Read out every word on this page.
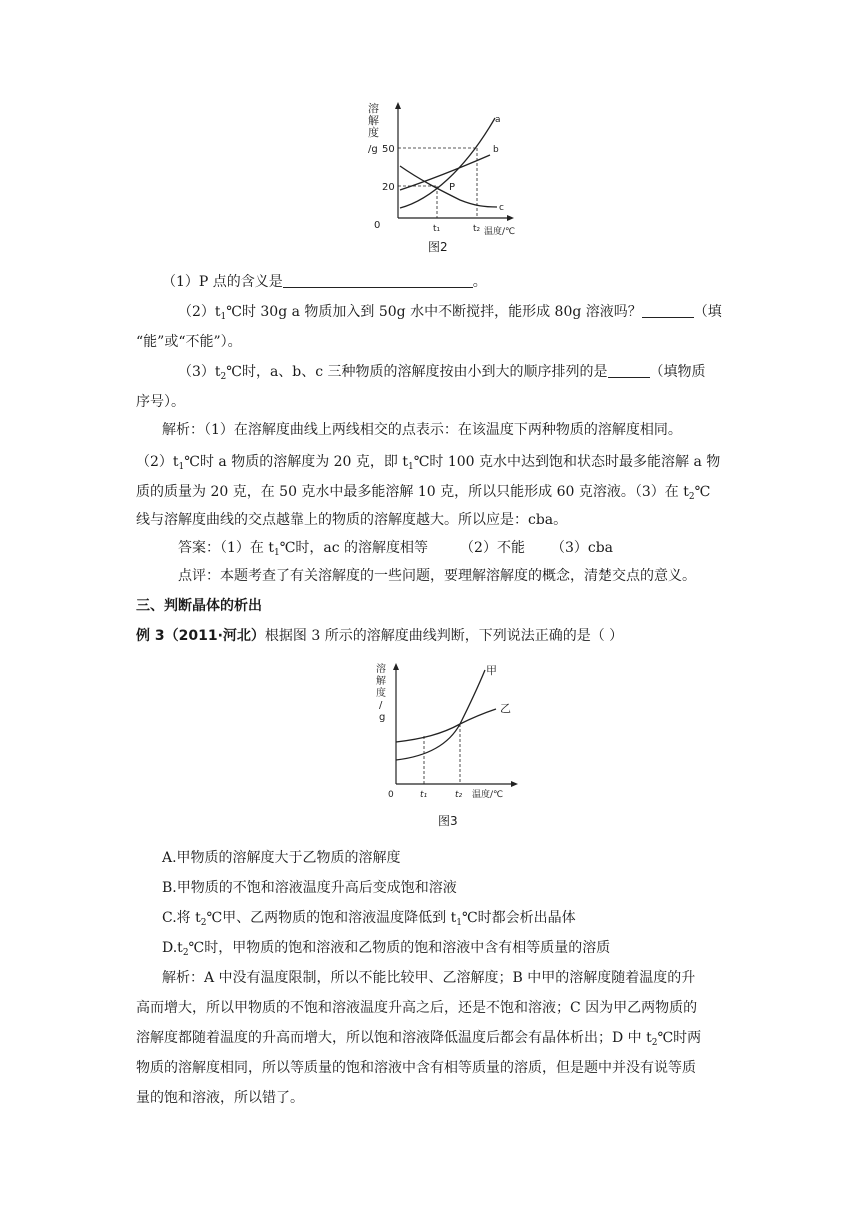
溶
解
度
/g 50
20
0
a
b
c
P
t₁	t₂ 温度/℃
图2
（1）P 点的含义是	。
$(2)t_1℃$时 30g a 物质加入到 50g 水中不断搅拌，能形成 80g 溶液吗？	（填
“能”或“不能”）。
$(3)t_2℃$时，a、b、c 三种物质的溶解度按由小到大的顺序排列的是	（填物质
序号）。
解析：（1）在溶解度曲线上两线相交的点表示：在该温度下两种物质的溶解度相同。
$(2)t_1℃$时 a 物质的溶解度为 20 克，即 $t_1℃$时 100 克水中达到饱和状态时最多能溶解 a 物
质的质量为 20 克，在 50 克水中最多能溶解 10 克，所以只能形成 60 克溶液。（3）在 $t_2℃$
线与溶解度曲线的交点越靠上的物质的溶解度越大。所以应是：cba。
答案：（1）在 $t_1℃$时，ac 的溶解度相等 （2）不能 （3）cba
点评：本题考查了有关溶解度的一些问题，要理解溶解度的概念，清楚交点的意义。
三、判断晶体的析出
例 3（2011·河北）根据图 3 所示的溶解度曲线判断，下列说法正确的是（ ）
溶
解
度
/
g
甲
乙
0	t₁	t₂ 温度/℃
图3
A.甲物质的溶解度大于乙物质的溶解度
B.甲物质的不饱和溶液温度升高后变成饱和溶液
C.将 $t_2℃$甲、乙两物质的饱和溶液温度降低到 $t_1℃$时都会析出晶体
$D.t_2℃$时，甲物质的饱和溶液和乙物质的饱和溶液中含有相等质量的溶质
解析：A 中没有温度限制，所以不能比较甲、乙溶解度；B 中甲的溶解度随着温度的升
高而增大，所以甲物质的不饱和溶液温度升高之后，还是不饱和溶液；C 因为甲乙两物质的
溶解度都随着温度的升高而增大，所以饱和溶液降低温度后都会有晶体析出；D 中 $t_2℃$时两
物质的溶解度相同，所以等质量的饱和溶液中含有相等质量的溶质，但是题中并没有说等质
量的饱和溶液，所以错了。
